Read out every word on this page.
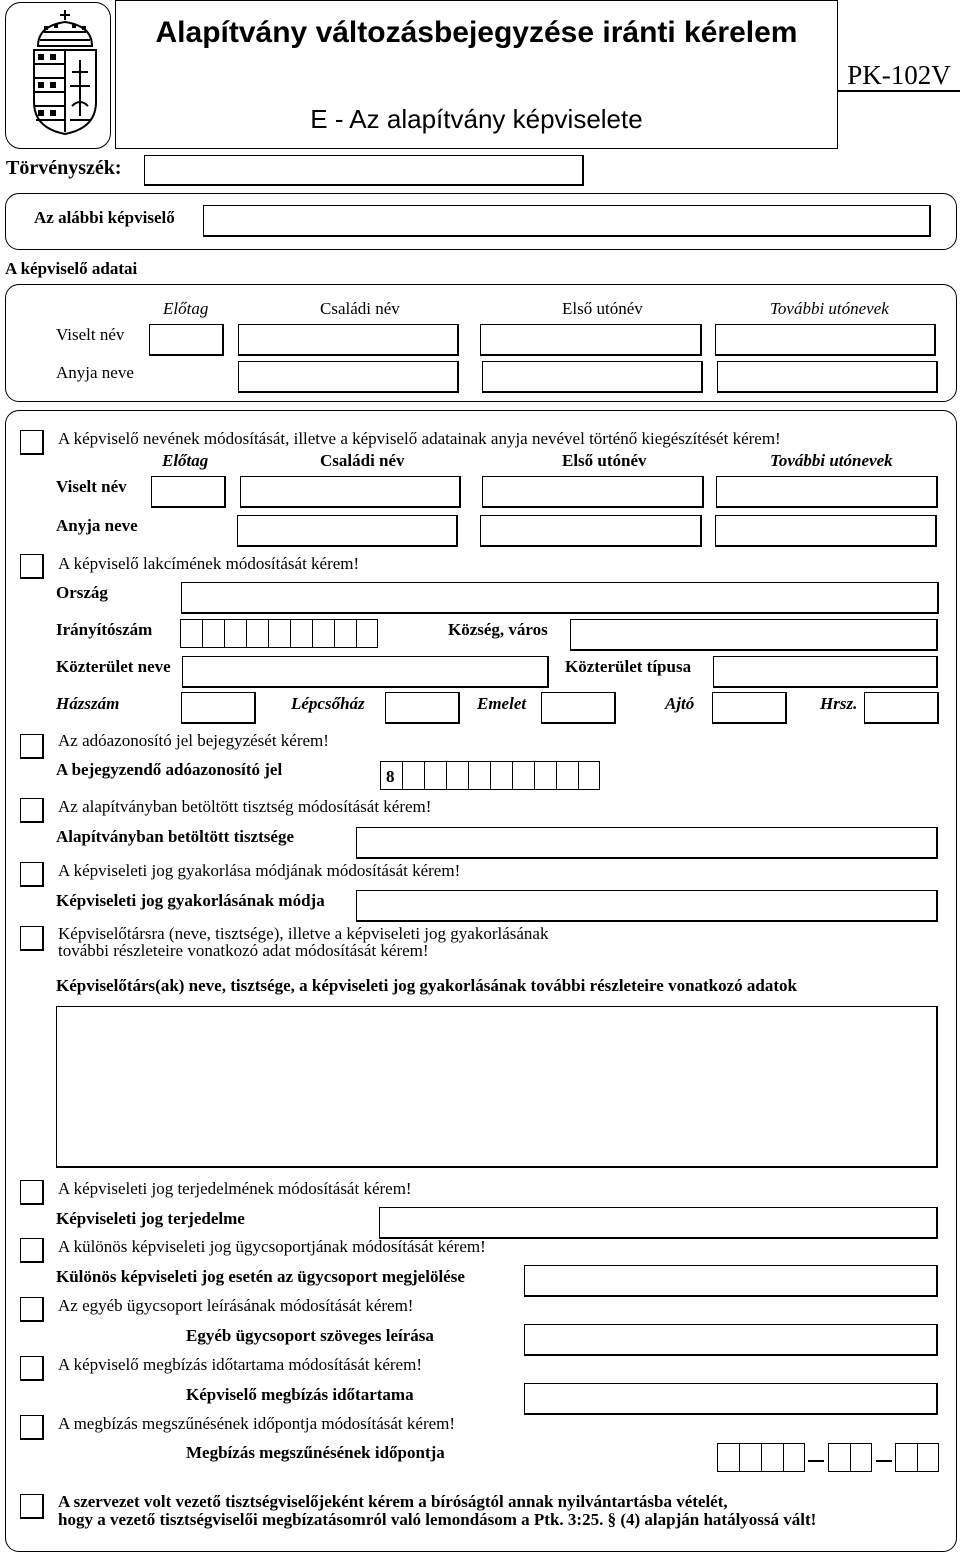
Alapítvány változásbejegyzése iránti kérelem
E - Az alapítvány képviselete
PK-102V
Törvényszék:
Az alábbi képviselő
A képviselő adatai
Előtag	Családi név	Első utónév	További utónevek
Viselt név
Anyja neve
A képviselő nevének módosítását, illetve a képviselő adatainak anyja nevével történő kiegészítését kérem!
Előtag	Családi név	Első utónév	További utónevek
Viselt név
Anyja neve
A képviselő lakcímének módosítását kérem!
Ország
Irányítószám	Község, város
Közterület neve	Közterület típusa
Házszám	Lépcsőház	Emelet	Ajtó	Hrsz.
Az adóazonosító jel bejegyzését kérem!
A bejegyzendő adóazonosító jel	8
Az alapítványban betöltött tisztség módosítását kérem!
Alapítványban betöltött tisztsége
A képviseleti jog gyakorlása módjának módosítását kérem!
Képviseleti jog gyakorlásának módja
Képviselőtársra (neve, tisztsége), illetve a képviseleti jog gyakorlásának
további részleteire vonatkozó adat módosítását kérem!
Képviselőtárs(ak) neve, tisztsége, a képviseleti jog gyakorlásának további részleteire vonatkozó adatok
A képviseleti jog terjedelmének módosítását kérem!
Képviseleti jog terjedelme
A különös képviseleti jog ügycsoportjának módosítását kérem!
Különös képviseleti jog esetén az ügycsoport megjelölése
Az egyéb ügycsoport leírásának módosítását kérem!
Egyéb ügycsoport szöveges leírása
A képviselő megbízás időtartama módosítását kérem!
Képviselő megbízás időtartama
A megbízás megszűnésének időpontja módosítását kérem!
Megbízás megszűnésének időpontja
A szervezet volt vezető tisztségviselőjeként kérem a bíróságtól annak nyilvántartásba vételét,
hogy a vezető tisztségviselői megbízatásomról való lemondásom a Ptk. 3:25. § (4) alapján hatályossá vált!
